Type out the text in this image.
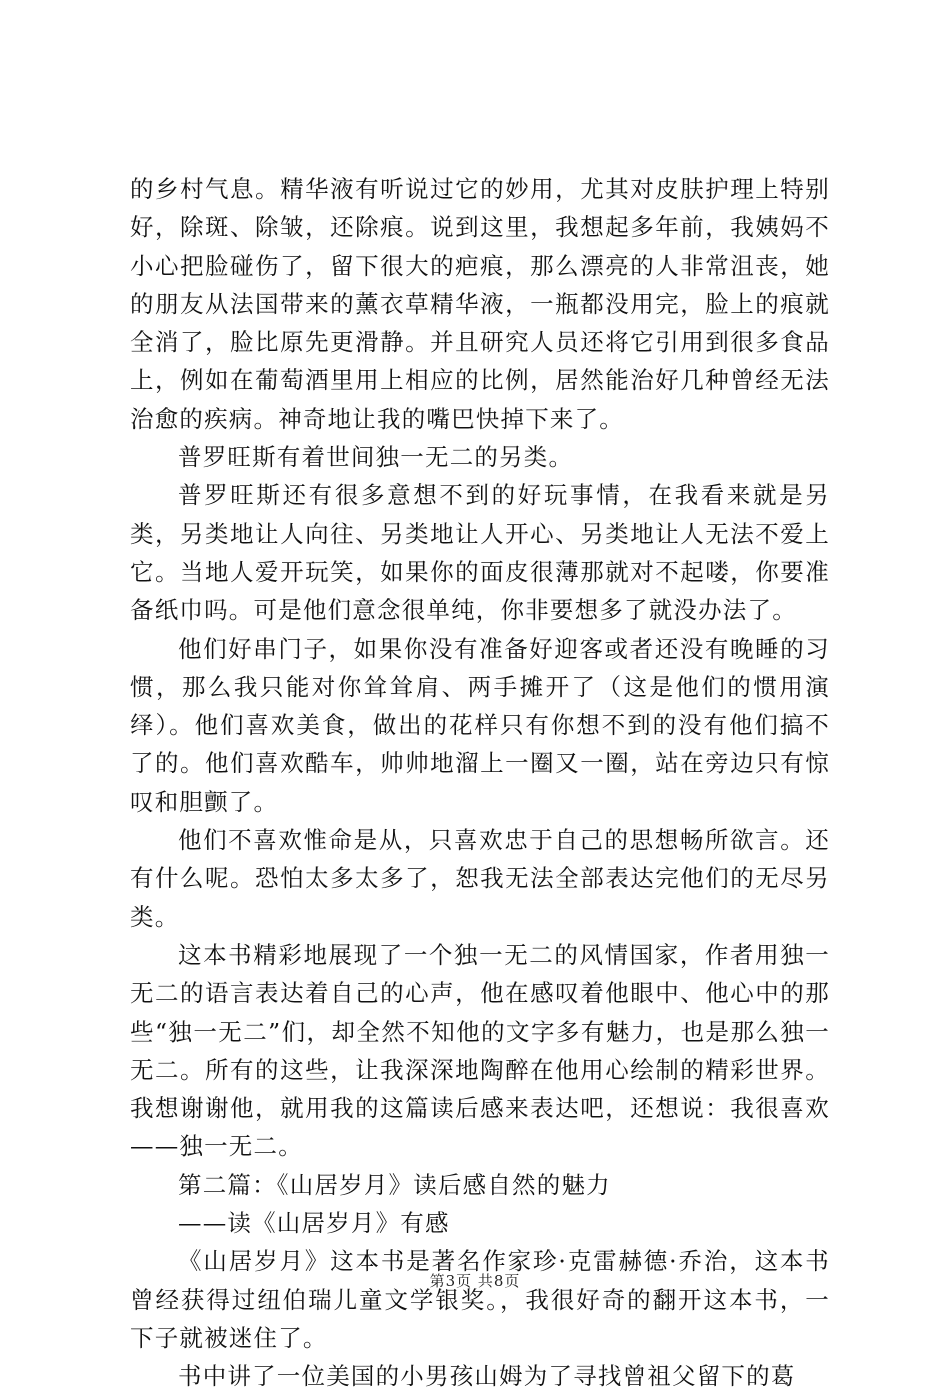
的乡村气息。精华液有听说过它的妙用，尤其对皮肤护理上特别好，除斑、除皱，还除痕。说到这里，我想起多年前，我姨妈不小心把脸碰伤了，留下很大的疤痕，那么漂亮的人非常沮丧，她的朋友从法国带来的薰衣草精华液，一瓶都没用完，脸上的痕就全消了，脸比原先更滑静。并且研究人员还将它引用到很多食品上，例如在葡萄酒里用上相应的比例，居然能治好几种曾经无法治愈的疾病。神奇地让我的嘴巴快掉下来了。

普罗旺斯有着世间独一无二的另类。

普罗旺斯还有很多意想不到的好玩事情，在我看来就是另类，另类地让人向往、另类地让人开心、另类地让人无法不爱上它。当地人爱开玩笑，如果你的面皮很薄那就对不起喽，你要准备纸巾吗。可是他们意念很单纯，你非要想多了就没办法了。

他们好串门子，如果你没有准备好迎客或者还没有晚睡的习惯，那么我只能对你耸耸肩、两手摊开了（这是他们的惯用演绎）。他们喜欢美食，做出的花样只有你想不到的没有他们搞不了的。他们喜欢酷车，帅帅地溜上一圈又一圈，站在旁边只有惊叹和胆颤了。

他们不喜欢惟命是从，只喜欢忠于自己的思想畅所欲言。还有什么呢。恐怕太多太多了，恕我无法全部表达完他们的无尽另类。

这本书精彩地展现了一个独一无二的风情国家，作者用独一无二的语言表达着自己的心声，他在感叹着他眼中、他心中的那些“独一无二”们，却全然不知他的文字多有魅力，也是那么独一无二。所有的这些，让我深深地陶醉在他用心绘制的精彩世界。我想谢谢他，就用我的这篇读后感来表达吧，还想说：我很喜欢——独一无二。

第二篇：《山居岁月》读后感自然的魅力

——读《山居岁月》有感

《山居岁月》这本书是著名作家珍·克雷赫德·乔治，这本书曾经获得过纽伯瑞儿童文学银奖。，我很好奇的翻开这本书，一下子就被迷住了。

书中讲了一位美国的小男孩山姆为了寻找曾祖父留下的葛

第3页 共8页
